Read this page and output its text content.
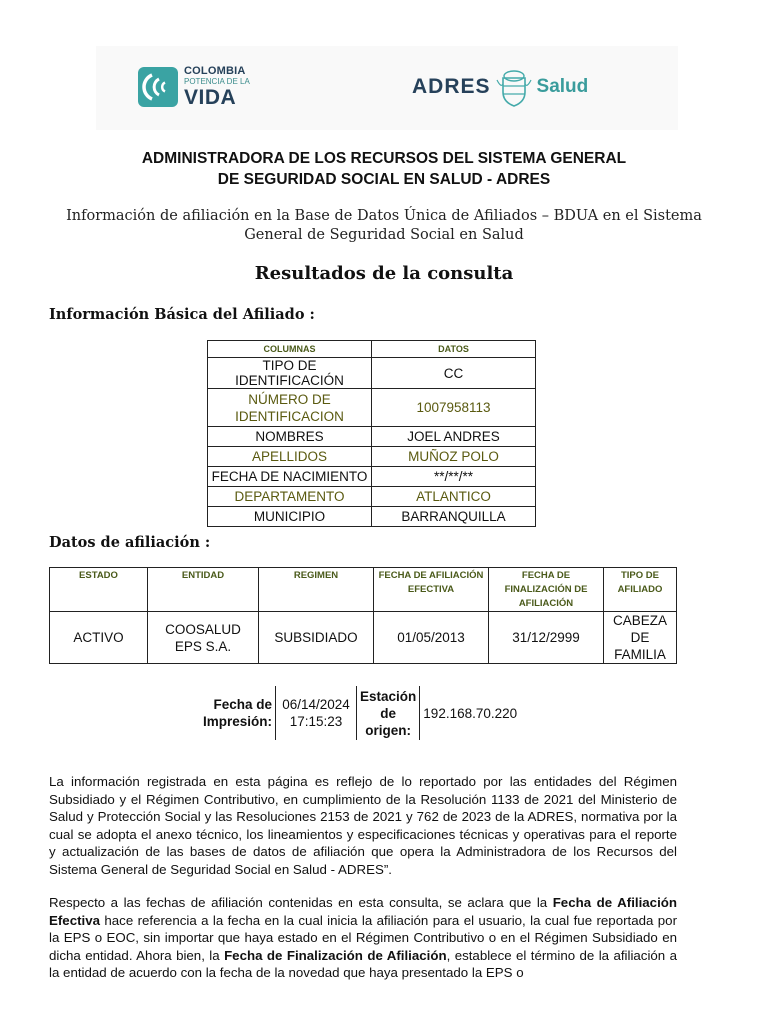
COLOMBIA
POTENCIA DE LA
VIDA	ADRES Salud
ADMINISTRADORA DE LOS RECURSOS DEL SISTEMA GENERAL
DE SEGURIDAD SOCIAL EN SALUD - ADRES
Información de afiliación en la Base de Datos Única de Afiliados – BDUA en el Sistema
General de Seguridad Social en Salud
Resultados de la consulta
Información Básica del Afiliado :
COLUMNAS	DATOS
TIPO DE IDENTIFICACIÓN	CC
NÚMERO DE IDENTIFICACION	1007958113
NOMBRES	JOEL ANDRES
APELLIDOS	MUÑOZ POLO
FECHA DE NACIMIENTO	**/**/**
DEPARTAMENTO	ATLANTICO
MUNICIPIO	BARRANQUILLA
Datos de afiliación :
ESTADO	ENTIDAD	REGIMEN	FECHA DE AFILIACIÓN EFECTIVA	FECHA DE FINALIZACIÓN DE AFILIACIÓN	TIPO DE AFILIADO
ACTIVO	COOSALUD EPS S.A.	SUBSIDIADO	01/05/2013	31/12/2999	CABEZA DE FAMILIA
Fecha de Impresión:	06/14/2024 17:15:23	Estación de origen:	192.168.70.220
La información registrada en esta página es reflejo de lo reportado por las entidades del Régimen Subsidiado y el Régimen Contributivo, en cumplimiento de la Resolución 1133 de 2021 del Ministerio de Salud y Protección Social y las Resoluciones 2153 de 2021 y 762 de 2023 de la ADRES, normativa por la cual se adopta el anexo técnico, los lineamientos y especificaciones técnicas y operativas para el reporte y actualización de las bases de datos de afiliación que opera la Administradora de los Recursos del Sistema General de Seguridad Social en Salud - ADRES”.
Respecto a las fechas de afiliación contenidas en esta consulta, se aclara que la Fecha de Afiliación Efectiva hace referencia a la fecha en la cual inicia la afiliación para el usuario, la cual fue reportada por la EPS o EOC, sin importar que haya estado en el Régimen Contributivo o en el Régimen Subsidiado en dicha entidad. Ahora bien, la Fecha de Finalización de Afiliación, establece el término de la afiliación a la entidad de acuerdo con la fecha de la novedad que haya presentado la EPS o
